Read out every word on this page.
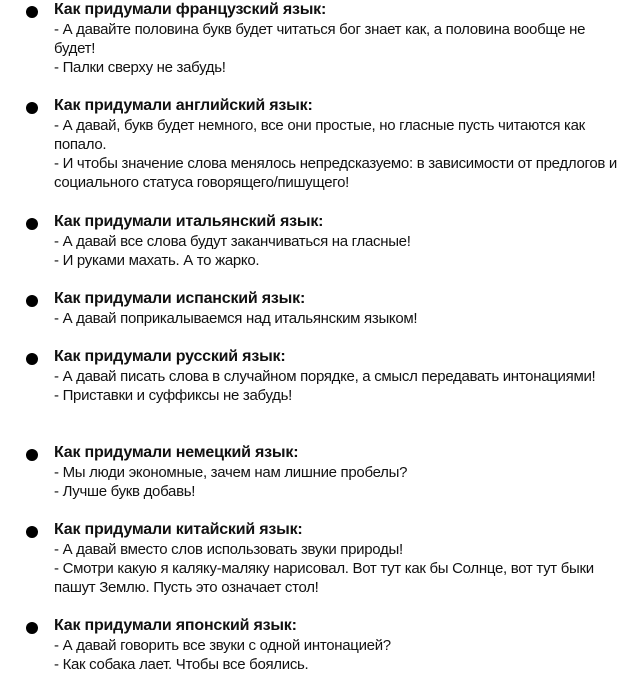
Как придумали французский язык:
- А давайте половина букв будет читаться бог знает как, а половина вообще не будет!
- Палки сверху не забудь!
Как придумали английский язык:
- А давай, букв будет немного, все они простые, но гласные пусть читаются как попало.
- И чтобы значение слова менялось непредсказуемо: в зависимости от предлогов и социального статуса говорящего/пишущего!
Как придумали итальянский язык:
- А давай все слова будут заканчиваться на гласные!
- И руками махать. А то жарко.
Как придумали испанский язык:
- А давай поприкалываемся над итальянским языком!
Как придумали русский язык:
- А давай писать слова в случайном порядке, а смысл передавать интонациями!
- Приставки и суффиксы не забудь!
Как придумали немецкий язык:
- Мы люди экономные, зачем нам лишние пробелы?
- Лучше букв добавь!
Как придумали китайский язык:
- А давай вместо слов использовать звуки природы!
- Смотри какую я каляку-маляку нарисовал. Вот тут как бы Солнце, вот тут быки пашут Землю. Пусть это означает стол!
Как придумали японский язык:
- А давай говорить все звуки с одной интонацией?
- Как собака лает. Чтобы все боялись.
